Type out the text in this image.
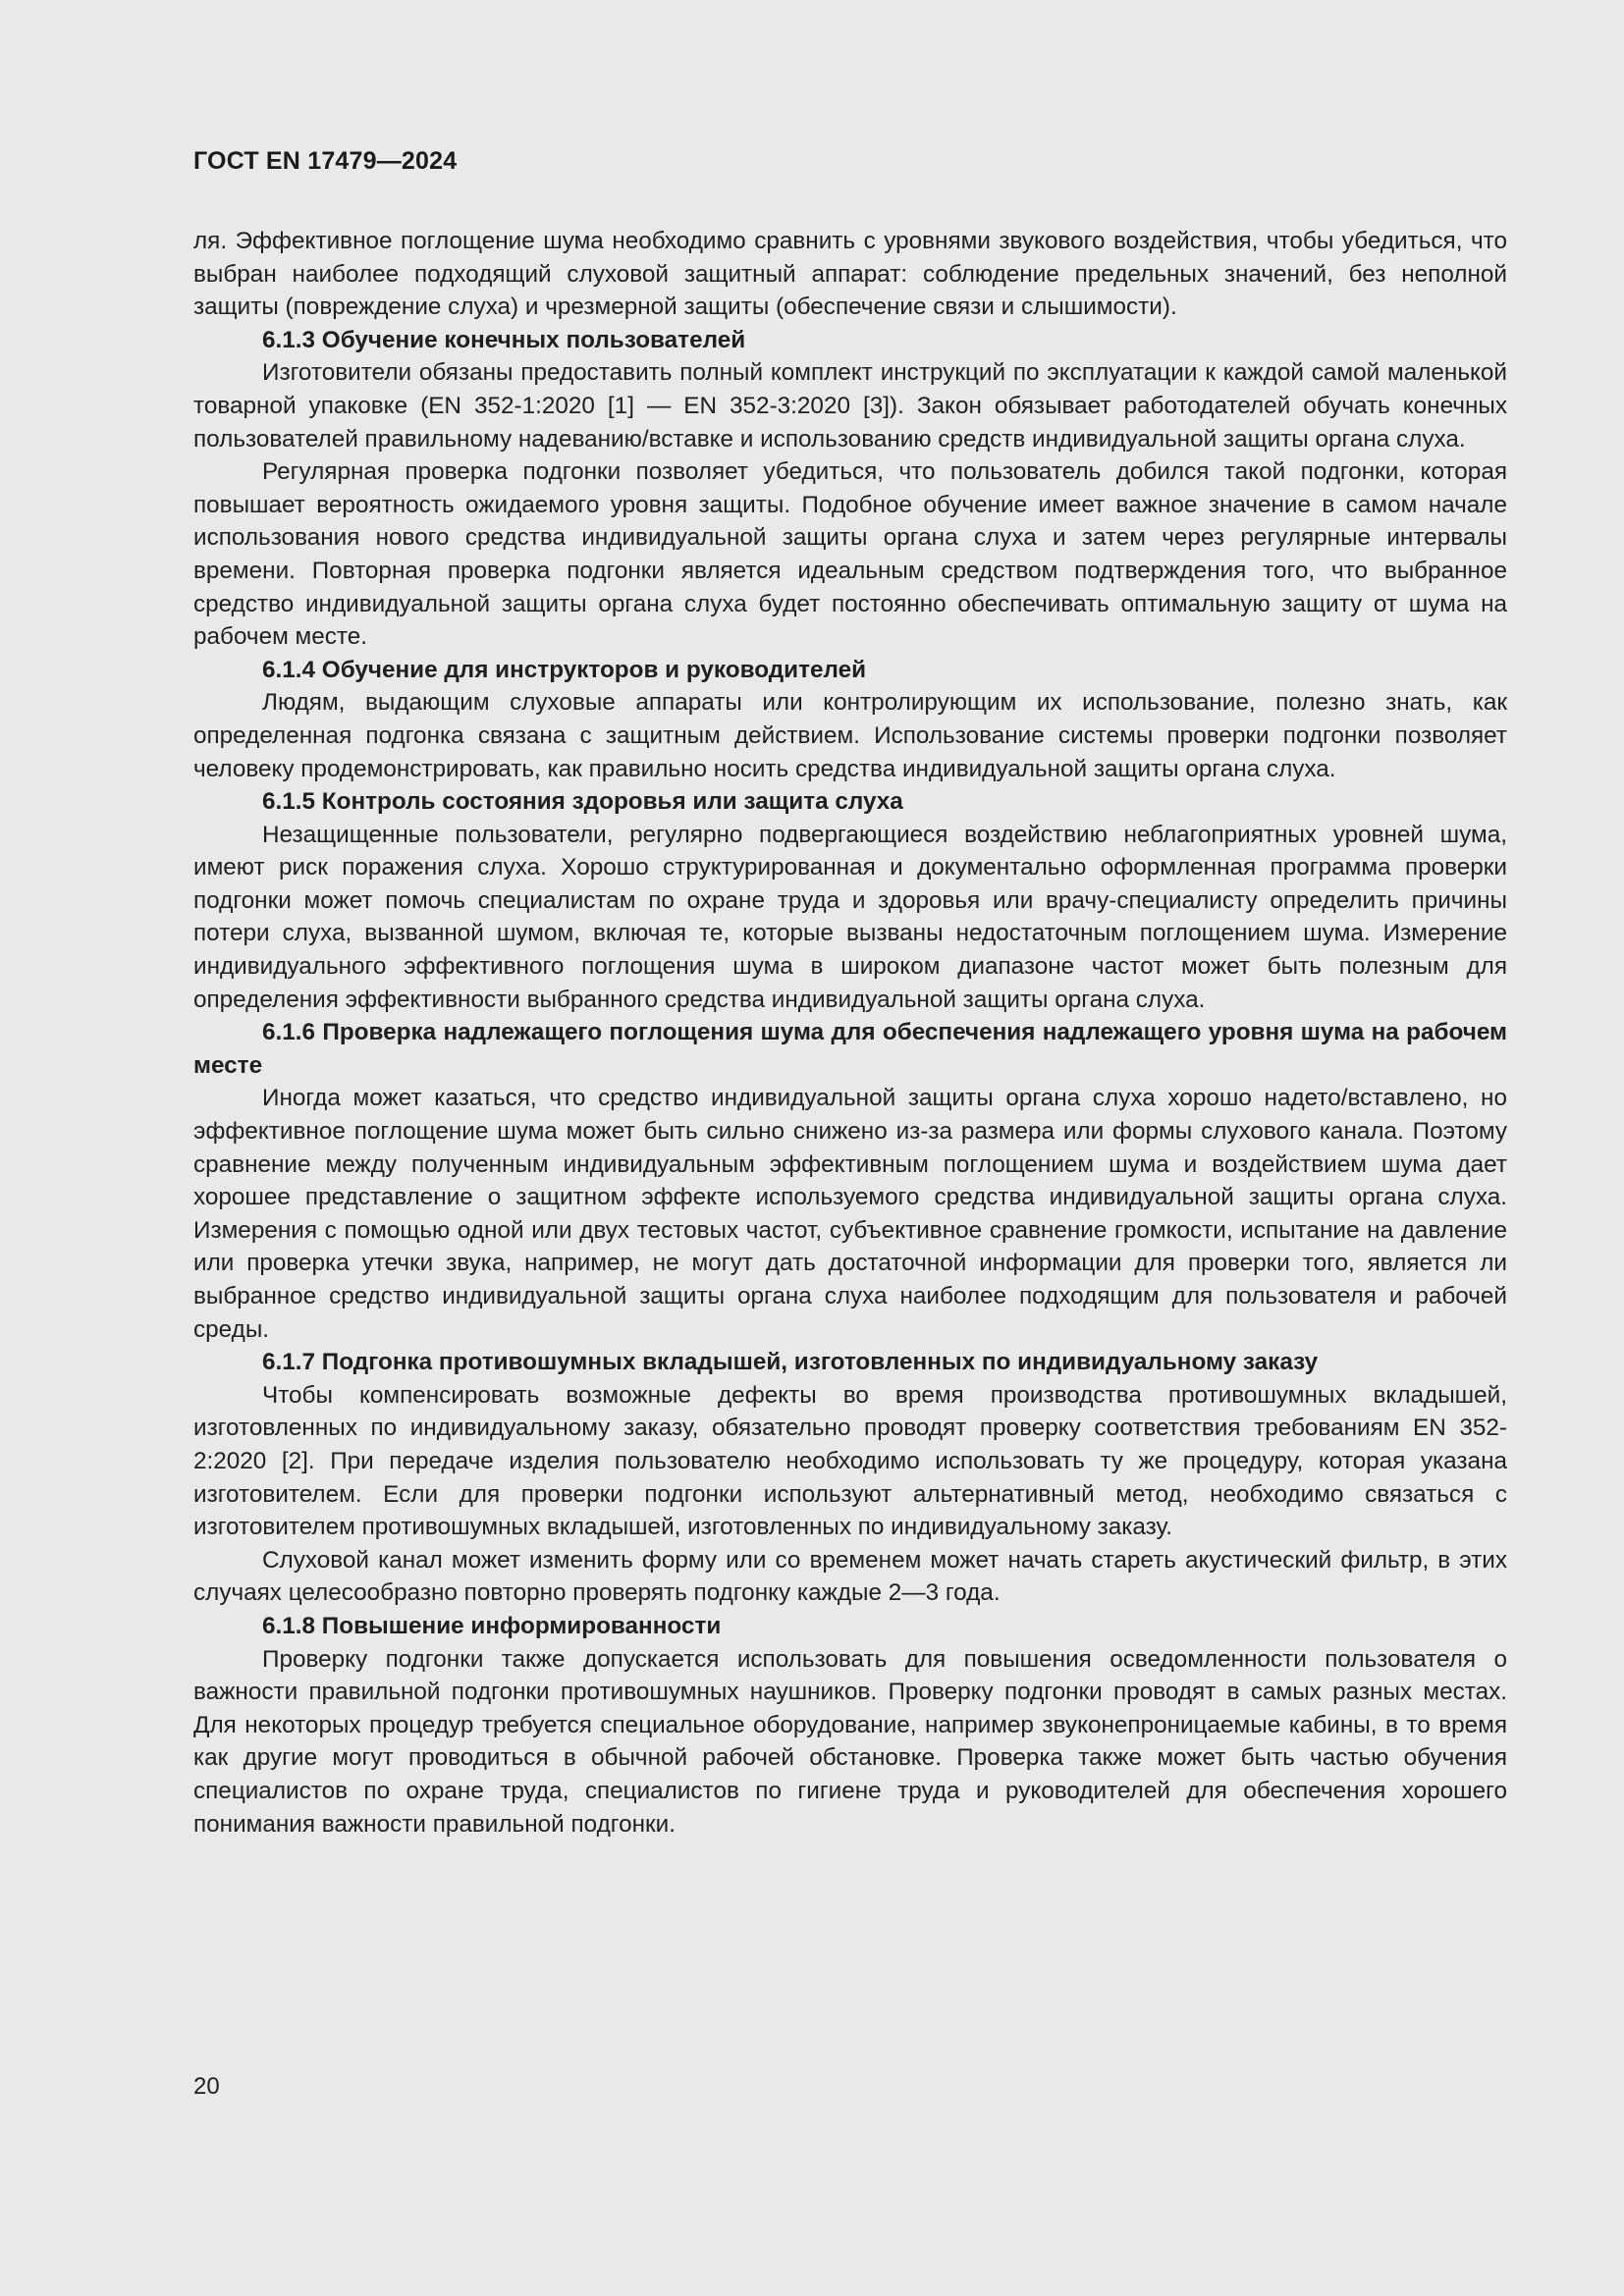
ГОСТ EN 17479—2024

ля. Эффективное поглощение шума необходимо сравнить с уровнями звукового воздействия, чтобы убедиться, что выбран наиболее подходящий слуховой защитный аппарат: соблюдение предельных значений, без неполной защиты (повреждение слуха) и чрезмерной защиты (обеспечение связи и слышимости).

6.1.3 Обучение конечных пользователей

Изготовители обязаны предоставить полный комплект инструкций по эксплуатации к каждой самой маленькой товарной упаковке (EN 352-1:2020 [1] — EN 352-3:2020 [3]). Закон обязывает работодателей обучать конечных пользователей правильному надеванию/вставке и использованию средств индивидуальной защиты органа слуха.

Регулярная проверка подгонки позволяет убедиться, что пользователь добился такой подгонки, которая повышает вероятность ожидаемого уровня защиты. Подобное обучение имеет важное значение в самом начале использования нового средства индивидуальной защиты органа слуха и затем через регулярные интервалы времени. Повторная проверка подгонки является идеальным средством подтверждения того, что выбранное средство индивидуальной защиты органа слуха будет постоянно обеспечивать оптимальную защиту от шума на рабочем месте.

6.1.4 Обучение для инструкторов и руководителей

Людям, выдающим слуховые аппараты или контролирующим их использование, полезно знать, как определенная подгонка связана с защитным действием. Использование системы проверки подгонки позволяет человеку продемонстрировать, как правильно носить средства индивидуальной защиты органа слуха.

6.1.5 Контроль состояния здоровья или защита слуха

Незащищенные пользователи, регулярно подвергающиеся воздействию неблагоприятных уровней шума, имеют риск поражения слуха. Хорошо структурированная и документально оформленная программа проверки подгонки может помочь специалистам по охране труда и здоровья или врачу-специалисту определить причины потери слуха, вызванной шумом, включая те, которые вызваны недостаточным поглощением шума. Измерение индивидуального эффективного поглощения шума в широком диапазоне частот может быть полезным для определения эффективности выбранного средства индивидуальной защиты органа слуха.

6.1.6 Проверка надлежащего поглощения шума для обеспечения надлежащего уровня шума на рабочем месте

Иногда может казаться, что средство индивидуальной защиты органа слуха хорошо надето/вставлено, но эффективное поглощение шума может быть сильно снижено из-за размера или формы слухового канала. Поэтому сравнение между полученным индивидуальным эффективным поглощением шума и воздействием шума дает хорошее представление о защитном эффекте используемого средства индивидуальной защиты органа слуха. Измерения с помощью одной или двух тестовых частот, субъективное сравнение громкости, испытание на давление или проверка утечки звука, например, не могут дать достаточной информации для проверки того, является ли выбранное средство индивидуальной защиты органа слуха наиболее подходящим для пользователя и рабочей среды.

6.1.7 Подгонка противошумных вкладышей, изготовленных по индивидуальному заказу

Чтобы компенсировать возможные дефекты во время производства противошумных вкладышей, изготовленных по индивидуальному заказу, обязательно проводят проверку соответствия требованиям EN 352-2:2020 [2]. При передаче изделия пользователю необходимо использовать ту же процедуру, которая указана изготовителем. Если для проверки подгонки используют альтернативный метод, необходимо связаться с изготовителем противошумных вкладышей, изготовленных по индивидуальному заказу.

Слуховой канал может изменить форму или со временем может начать стареть акустический фильтр, в этих случаях целесообразно повторно проверять подгонку каждые 2—3 года.

6.1.8 Повышение информированности

Проверку подгонки также допускается использовать для повышения осведомленности пользователя о важности правильной подгонки противошумных наушников. Проверку подгонки проводят в самых разных местах. Для некоторых процедур требуется специальное оборудование, например звуконепроницаемые кабины, в то время как другие могут проводиться в обычной рабочей обстановке. Проверка также может быть частью обучения специалистов по охране труда, специалистов по гигиене труда и руководителей для обеспечения хорошего понимания важности правильной подгонки.

20
